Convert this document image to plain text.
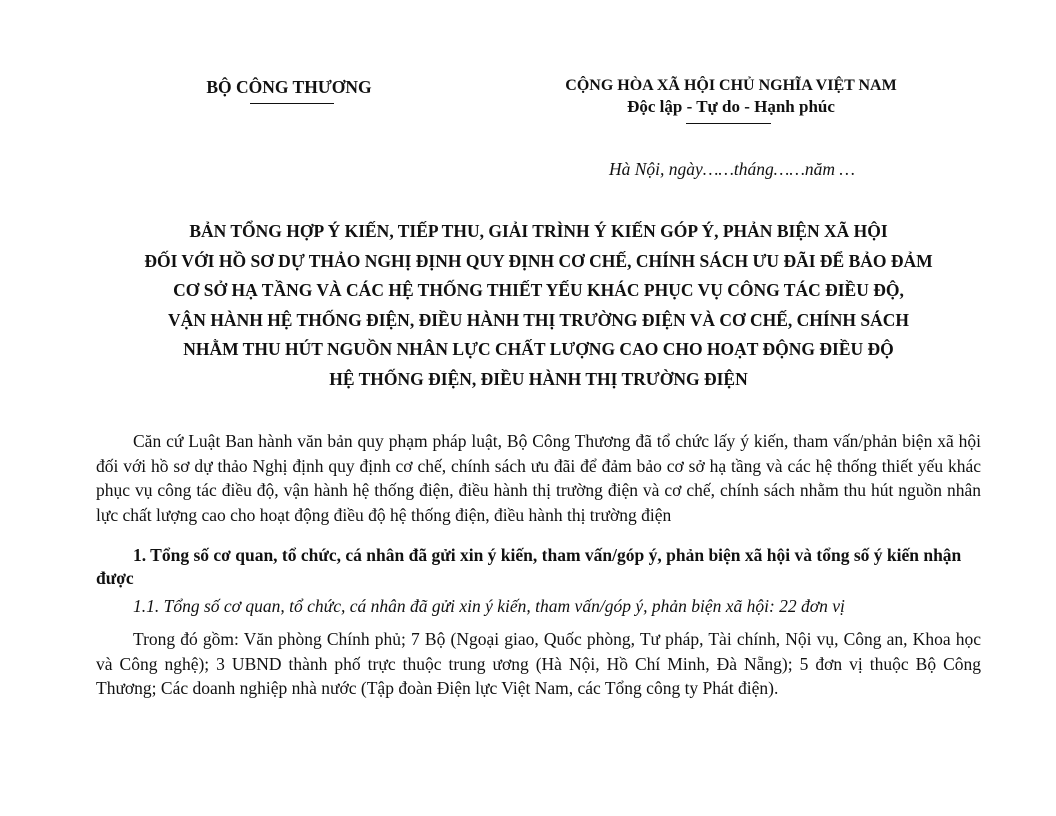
BỘ CÔNG THƯƠNG	CỘNG HÒA XÃ HỘI CHỦ NGHĨA VIỆT NAM
Độc lập - Tự do - Hạnh phúc
Hà Nội, ngày……tháng……năm …
BẢN TỔNG HỢP Ý KIẾN, TIẾP THU, GIẢI TRÌNH Ý KIẾN GÓP Ý, PHẢN BIỆN XÃ HỘI
ĐỐI VỚI HỒ SƠ DỰ THẢO NGHỊ ĐỊNH QUY ĐỊNH CƠ CHẾ, CHÍNH SÁCH ƯU ĐÃI ĐỂ BẢO ĐẢM
CƠ SỞ HẠ TẦNG VÀ CÁC HỆ THỐNG THIẾT YẾU KHÁC PHỤC VỤ CÔNG TÁC ĐIỀU ĐỘ,
VẬN HÀNH HỆ THỐNG ĐIỆN, ĐIỀU HÀNH THỊ TRƯỜNG ĐIỆN VÀ CƠ CHẾ, CHÍNH SÁCH
NHẰM THU HÚT NGUỒN NHÂN LỰC CHẤT LƯỢNG CAO CHO HOẠT ĐỘNG ĐIỀU ĐỘ
HỆ THỐNG ĐIỆN, ĐIỀU HÀNH THỊ TRƯỜNG ĐIỆN

Căn cứ Luật Ban hành văn bản quy phạm pháp luật, Bộ Công Thương đã tổ chức lấy ý kiến, tham vấn/phản biện xã hội đối với hồ sơ dự thảo Nghị định quy định cơ chế, chính sách ưu đãi để đảm bảo cơ sở hạ tầng và các hệ thống thiết yếu khác phục vụ công tác điều độ, vận hành hệ thống điện, điều hành thị trường điện và cơ chế, chính sách nhằm thu hút nguồn nhân lực chất lượng cao cho hoạt động điều độ hệ thống điện, điều hành thị trường điện

1. Tổng số cơ quan, tổ chức, cá nhân đã gửi xin ý kiến, tham vấn/góp ý, phản biện xã hội và tổng số ý kiến nhận được

1.1. Tổng số cơ quan, tổ chức, cá nhân đã gửi xin ý kiến, tham vấn/góp ý, phản biện xã hội: 22 đơn vị

Trong đó gồm: Văn phòng Chính phủ; 7 Bộ (Ngoại giao, Quốc phòng, Tư pháp, Tài chính, Nội vụ, Công an, Khoa học và Công nghệ); 3 UBND thành phố trực thuộc trung ương (Hà Nội, Hồ Chí Minh, Đà Nẵng); 5 đơn vị thuộc Bộ Công Thương; Các doanh nghiệp nhà nước (Tập đoàn Điện lực Việt Nam, các Tổng công ty Phát điện).
